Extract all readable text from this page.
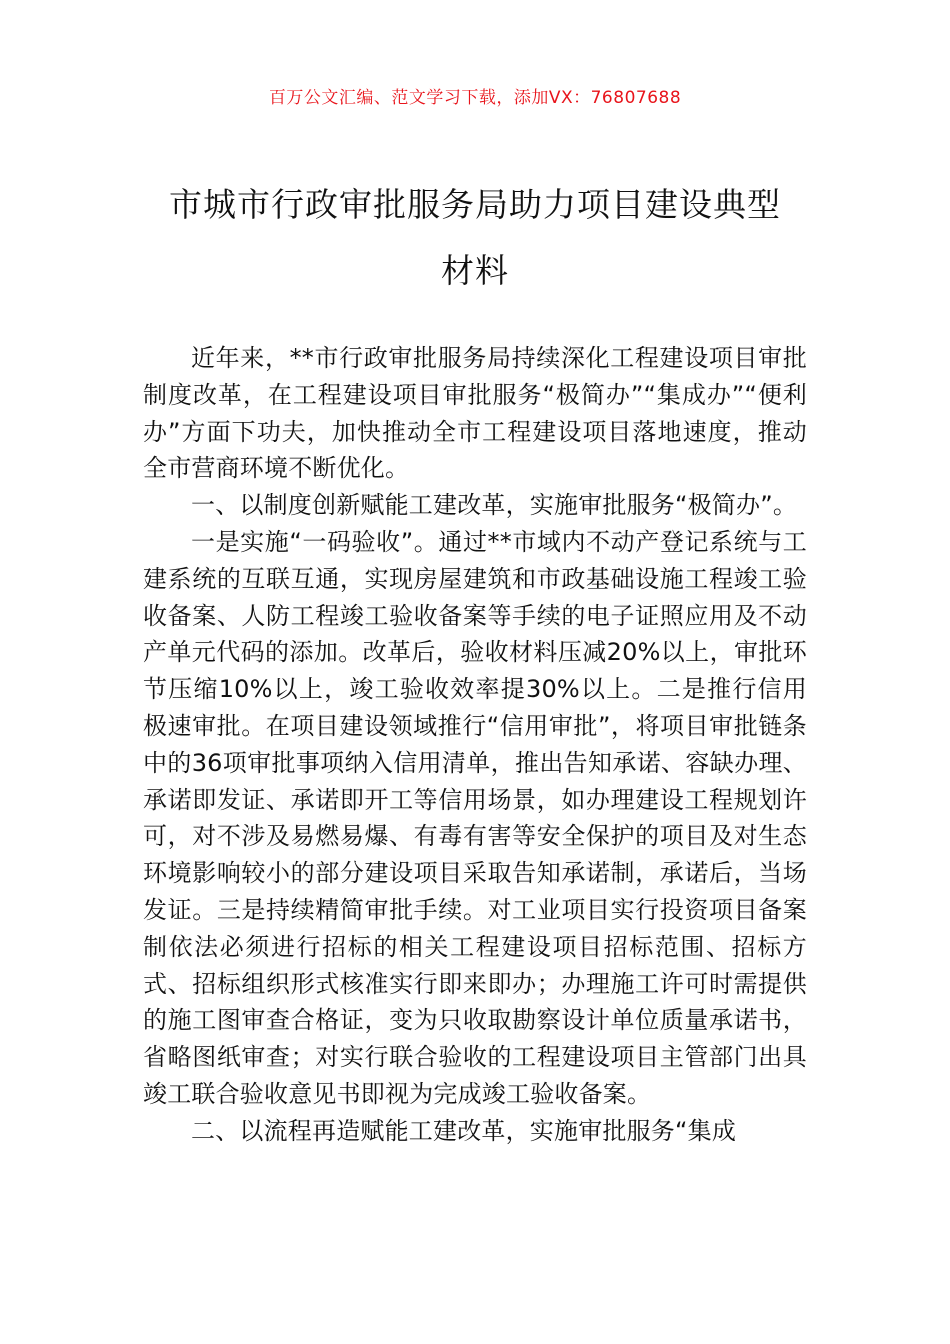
百万公文汇编、范文学习下载，添加VX：76807688
市城市行政审批服务局助力项目建设典型
材料

近年来，**市行政审批服务局持续深化工程建设项目审批制度改革，在工程建设项目审批服务“极简办”“集成办”“便利办”方面下功夫，加快推动全市工程建设项目落地速度，推动全市营商环境不断优化。

一、以制度创新赋能工建改革，实施审批服务“极简办”。

一是实施“一码验收”。通过**市域内不动产登记系统与工建系统的互联互通，实现房屋建筑和市政基础设施工程竣工验收备案、人防工程竣工验收备案等手续的电子证照应用及不动产单元代码的添加。改革后，验收材料压减20%以上，审批环节压缩10%以上，竣工验收效率提30%以上。二是推行信用极速审批。在项目建设领域推行“信用审批”，将项目审批链条中的36项审批事项纳入信用清单，推出告知承诺、容缺办理、承诺即发证、承诺即开工等信用场景，如办理建设工程规划许可，对不涉及易燃易爆、有毒有害等安全保护的项目及对生态环境影响较小的部分建设项目采取告知承诺制，承诺后，当场发证。三是持续精简审批手续。对工业项目实行投资项目备案制依法必须进行招标的相关工程建设项目招标范围、招标方式、招标组织形式核准实行即来即办；办理施工许可时需提供的施工图审查合格证，变为只收取勘察设计单位质量承诺书，省略图纸审查；对实行联合验收的工程建设项目主管部门出具竣工联合验收意见书即视为完成竣工验收备案。

二、以流程再造赋能工建改革，实施审批服务“集成
